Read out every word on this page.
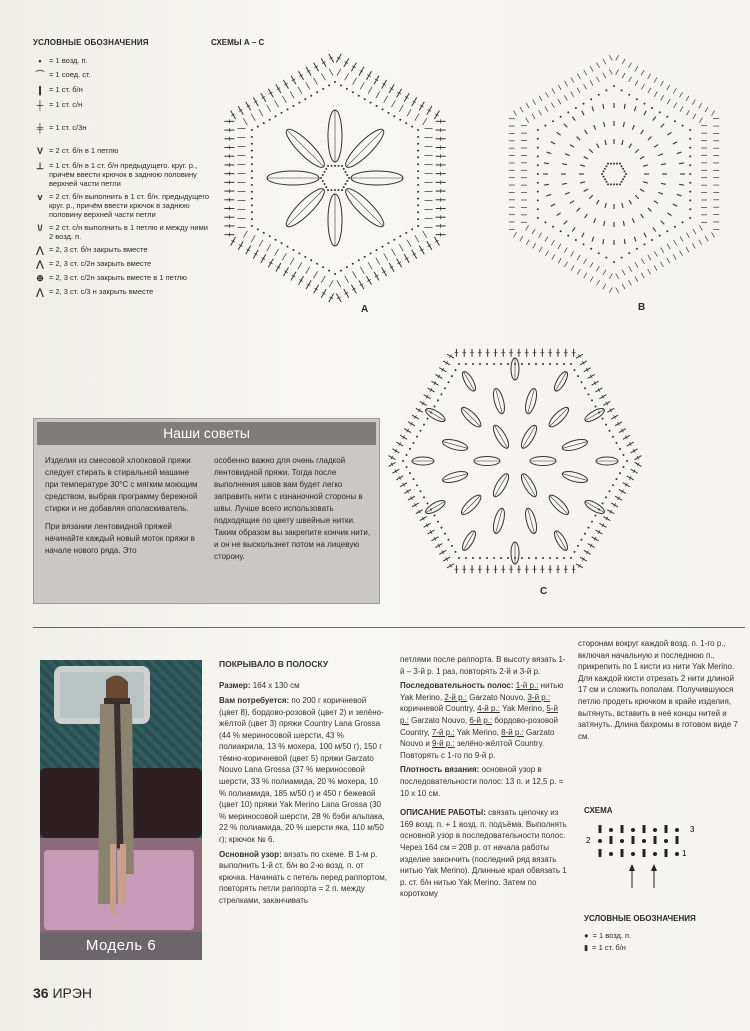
УСЛОВНЫЕ ОБОЗНАЧЕНИЯ
• = 1 возд. п.
⌒ = 1 соед. ст.
❙ = 1 ст. б/н
┼ = 1 ст. с/н
╪ = 1 ст. с/3н
V = 2 ст. б/н в 1 петлю
⊥ = 1 ст. б/н в 1 ст. б/н предыдущего. круг. р., причём ввести крючок в заднюю половину верхней части петли
v = 2 ст. б/н выполнить в 1 ст. б/н. предыдущего круг. р., причём ввести крючок в заднюю половину верхней части петли
\/ = 2 ст. с/н выполнить в 1 петлю и между ними 2 возд. п.
⋀ = 2, 3 ст. б/н закрыть вместе
⋀ = 2, 3 ст. с/2н закрыть вместе
⊕ = 2, 3 ст. с/2н закрыть вместе в 1 петлю
⋀ = 2, 3 ст. с/3 н закрыть вместе
СХЕМЫ А – С
A	B
C
Наши советы

Изделия из смесовой хлопковой пряжи следует стирать в стиральной машине при температуре 30°С с мягким моющим средством, выбрав программу бережной стирки и не добавляя ополаскиватель.

При вязании лентовидной пряжей начинайте каждый новый моток пряжи в начале нового ряда. Это

особенно важно для очень гладкой лентовидной пряжи. Тогда после выполнения швов вам будет легко заправить нити с изнаночной стороны в швы. Лучше всего использовать подходящие по цвету швейные нитки. Таким образом вы закрепите кончик нити, и он не выскользнет потом на лицевую сторону.

Модель 6
ПОКРЫВАЛО В ПОЛОСКУ

Размер: 164 х 130 см

Вам потребуется: по 200 г коричневой (цвет 8), бордово-розовой (цвет 2) и зелёно-жёлтой (цвет 3) пряжи Country Lana Grossa (44 % мериносовой шерсти, 43 % полиакрила, 13 % мохера, 100 м/50 г), 150 г тёмно-коричневой (цвет 5) пряжи Garzato Nouvo Lana Grossa (37 % мериносовой шерсти, 33 % полиамида, 20 % мохера, 10 % полиамида, 185 м/50 г) и 450 г бежевой (цвет 10) пряжи Yak Merino Lana Grossa (30 % мериносовой шерсти, 28 % бэби альпака, 22 % полиамида, 20 % шерсти яка, 110 м/50 г); крючок № 6.

Основной узор: вязать по схеме. В 1-м р. выполнить 1-й ст. б/н во 2-ю возд. п. от крючка. Начинать с петель перед раппортом, повторять петли раппорта = 2 п. между стрелками, заканчивать

петлями после раппорта. В высоту вязать 1-й – 3-й р. 1 раз, повторять 2-й и 3-й р.

Последовательность полос: 1-й р.: нитью Yak Merino, 2-й р.: Garzato Nouvo, 3-й р.: коричневой Country, 4-й р.: Yak Merino, 5-й р.: Garzato Nouvo, 6-й р.: бордово-розовой Country, 7-й р.: Yak Merino, 8-й р.: Garzato Nouvo и 9-й р.: зелёно-жёлтой Country. Повторять с 1-го по 9-й р.

Плотность вязания: основной узор в последовательности полос: 13 п. и 12,5 р. = 10 х 10 см.

ОПИСАНИЕ РАБОТЫ: связать цепочку из 169 возд. п. + 1 возд. п. подъёма. Выполнять основной узор в последовательности полос. Через 164 см = 208 р. от начала работы изделие закончить (последний ряд вязать нитью Yak Merino). Длинные края обвязать 1 р. ст. б/н нитью Yak Merino. Затем по короткому

сторонам вокруг каждой возд. п. 1-го р., включая начальную и последнюю п., прикрепить по 1 кисти из нити Yak Merino. Для каждой кисти отрезать 2 нити длиной 17 см и сложить пополам. Получившуюся петлю продеть крючком в крайе изделия, вытянуть, вставить в неё концы нитей и затянуть. Длина бахромы в готовом виде 7 см.

СХЕМА
3
2
1
УСЛОВНЫЕ ОБОЗНАЧЕНИЯ
● = 1 возд. п.
▮ = 1 ст. б/н
36 ИРЭН
